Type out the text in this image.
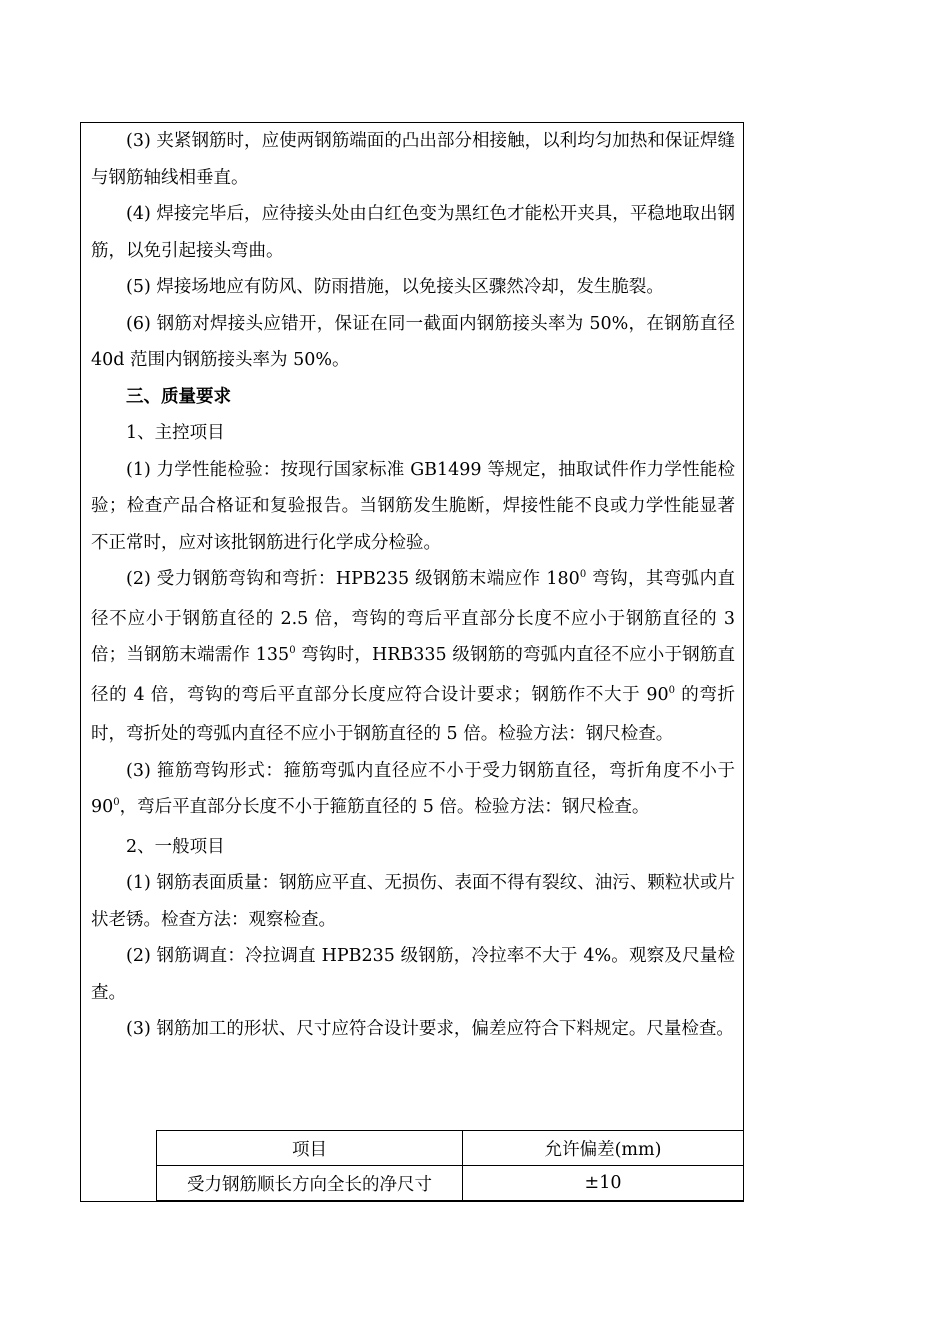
(3) 夹紧钢筋时，应使两钢筋端面的凸出部分相接触，以利均匀加热和保证焊缝与钢筋轴线相垂直。

(4) 焊接完毕后，应待接头处由白红色变为黑红色才能松开夹具，平稳地取出钢筋，以免引起接头弯曲。

(5) 焊接场地应有防风、防雨措施，以免接头区骤然冷却，发生脆裂。

(6) 钢筋对焊接头应错开，保证在同一截面内钢筋接头率为 50%，在钢筋直径 40d 范围内钢筋接头率为 50%。

三、质量要求

1、主控项目

(1) 力学性能检验：按现行国家标准 GB1499 等规定，抽取试件作力学性能检验；检查产品合格证和复验报告。当钢筋发生脆断，焊接性能不良或力学性能显著不正常时，应对该批钢筋进行化学成分检验。

(2) 受力钢筋弯钩和弯折：HPB235 级钢筋末端应作 $180^0$ 弯钩，其弯弧内直径不应小于钢筋直径的 2.5 倍，弯钩的弯后平直部分长度不应小于钢筋直径的 3 倍；当钢筋末端需作 $135^0$ 弯钩时，HRB335 级钢筋的弯弧内直径不应小于钢筋直径的 4 倍，弯钩的弯后平直部分长度应符合设计要求；钢筋作不大于 $90^0$ 的弯折时，弯折处的弯弧内直径不应小于钢筋直径的 5 倍。检验方法：钢尺检查。

(3) 箍筋弯钩形式：箍筋弯弧内直径应不小于受力钢筋直径，弯折角度不小于 $90^0$，弯后平直部分长度不小于箍筋直径的 5 倍。检验方法：钢尺检查。

2、一般项目

(1) 钢筋表面质量：钢筋应平直、无损伤、表面不得有裂纹、油污、颗粒状或片状老锈。检查方法：观察检查。

(2) 钢筋调直：冷拉调直 HPB235 级钢筋，冷拉率不大于 4%。观察及尺量检查。

(3) 钢筋加工的形状、尺寸应符合设计要求，偏差应符合下料规定。尺量检查。

项目	允许偏差(mm)
受力钢筋顺长方向全长的净尺寸	±10
